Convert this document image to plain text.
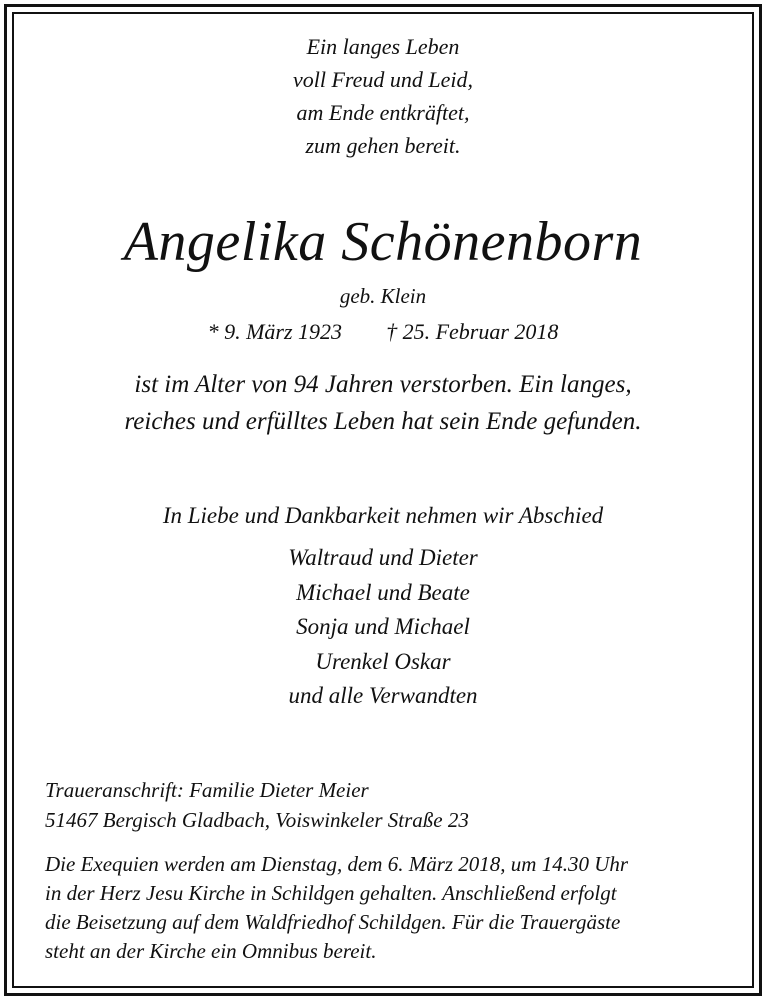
Ein langes Leben
voll Freud und Leid,
am Ende entkräftet,
zum gehen bereit.
Angelika Schönenborn
geb. Klein
* 9. März 1923 † 25. Februar 2018
ist im Alter von 94 Jahren verstorben. Ein langes,
reiches und erfülltes Leben hat sein Ende gefunden.
In Liebe und Dankbarkeit nehmen wir Abschied
Waltraud und Dieter
Michael und Beate
Sonja und Michael
Urenkel Oskar
und alle Verwandten
Traueranschrift: Familie Dieter Meier
51467 Bergisch Gladbach, Voiswinkeler Straße 23
Die Exequien werden am Dienstag, dem 6. März 2018, um 14.30 Uhr
in der Herz Jesu Kirche in Schildgen gehalten. Anschließend erfolgt
die Beisetzung auf dem Waldfriedhof Schildgen. Für die Trauergäste
steht an der Kirche ein Omnibus bereit.
